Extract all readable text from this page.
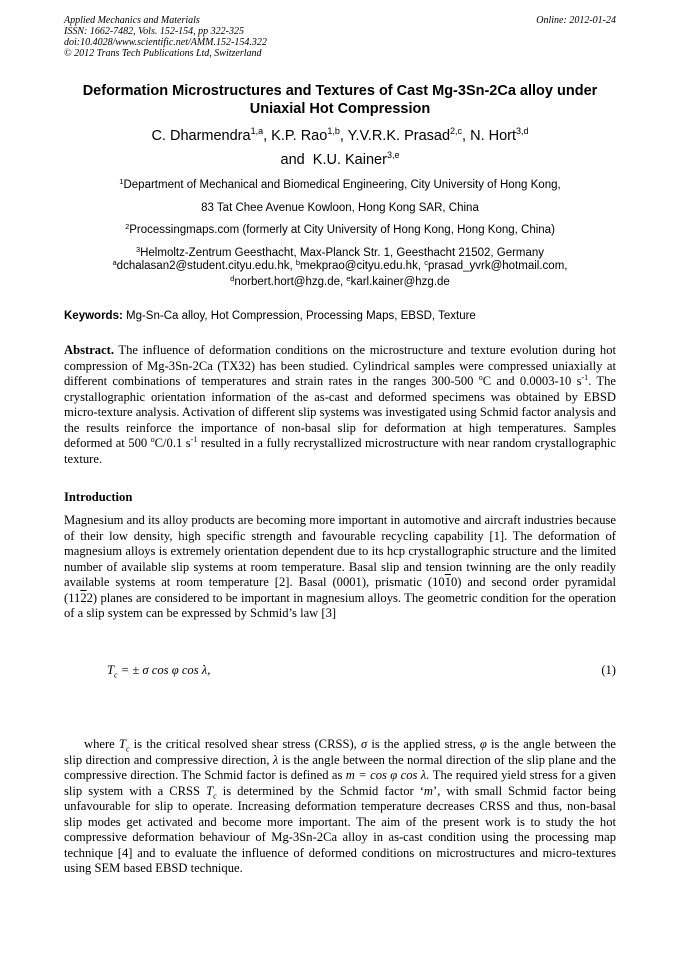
Applied Mechanics and Materials
ISSN: 1662-7482, Vols. 152-154, pp 322-325
doi:10.4028/www.scientific.net/AMM.152-154.322
© 2012 Trans Tech Publications Ltd, Switzerland
Online: 2012-01-24
Deformation Microstructures and Textures of Cast Mg-3Sn-2Ca alloy under Uniaxial Hot Compression
C. Dharmendra$^{1,a}$, K.P. Rao$^{1,b}$, Y.V.R.K. Prasad$^{2,c}$, N. Hort$^{3,d}$
and  K.U. Kainer$^{3,e}$
$^1$Department of Mechanical and Biomedical Engineering, City University of Hong Kong,
83 Tat Chee Avenue Kowloon, Hong Kong SAR, China
$^2$Processingmaps.com (formerly at City University of Hong Kong, Hong Kong, China)
$^3$Helmoltz-Zentrum Geesthacht, Max-Planck Str. 1, Geesthacht 21502, Germany
$^a$dchalasan2@student.cityu.edu.hk, $^b$mekprao@cityu.edu.hk, $^c$prasad_yvrk@hotmail.com,
$^d$norbert.hort@hzg.de, $^e$karl.kainer@hzg.de
Keywords: Mg-Sn-Ca alloy, Hot Compression, Processing Maps, EBSD, Texture
Abstract. The influence of deformation conditions on the microstructure and texture evolution during hot compression of Mg-3Sn-2Ca (TX32) has been studied. Cylindrical samples were compressed uniaxially at different combinations of temperatures and strain rates in the ranges 300-500 $^o$C and 0.0003-10 $s^{-1}$. The crystallographic orientation information of the as-cast and deformed specimens was obtained by EBSD micro-texture analysis. Activation of different slip systems was investigated using Schmid factor analysis and the results reinforce the importance of non-basal slip for deformation at high temperatures. Samples deformed at 500 $^o$C/0.1 $s^{-1}$ resulted in a fully recrystallized microstructure with near random crystallographic texture.
Introduction
Magnesium and its alloy products are becoming more important in automotive and aircraft industries because of their low density, high specific strength and favourable recycling capability [1]. The deformation of magnesium alloys is extremely orientation dependent due to its hcp crystallographic structure and the limited number of available slip systems at room temperature. Basal slip and tension twinning are the only readily available systems at room temperature [2]. Basal (0001), prismatic (1010) and second order pyramidal (1122) planes are considered to be important in magnesium alloys. The geometric condition for the operation of a slip system can be expressed by Schmid’s law [3]
$T_c$ = ± σ cos φ cos λ,	(1)
where $T_c$ is the critical resolved shear stress (CRSS), σ is the applied stress, φ is the angle between the slip direction and compressive direction, λ is the angle between the normal direction of the slip plane and the compressive direction. The Schmid factor is defined as m = cos φ cos λ. The required yield stress for a given slip system with a CRSS $T_c$ is determined by the Schmid factor ‘m’, with small Schmid factor being unfavourable for slip to operate. Increasing deformation temperature decreases CRSS and thus, non-basal slip modes get activated and become more important. The aim of the present work is to study the hot compressive deformation behaviour of Mg-3Sn-2Ca alloy in as-cast condition using the processing map technique [4] and to evaluate the influence of deformed conditions on microstructures and micro-textures using SEM based EBSD technique.
